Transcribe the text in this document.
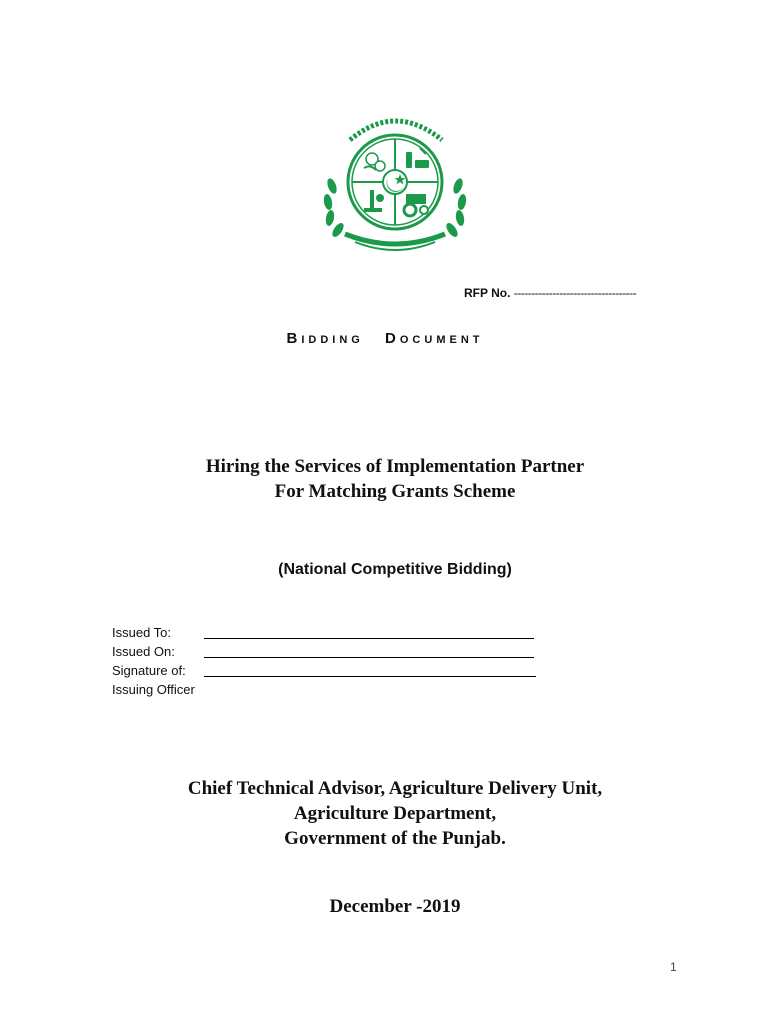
RFP No. -----------------------------------
BIDDING DOCUMENT
Hiring the Services of Implementation Partner
For Matching Grants Scheme
(National Competitive Bidding)
Issued To:
Issued On:
Signature of:
Issuing Officer
Chief Technical Advisor, Agriculture Delivery Unit,
Agriculture Department,
Government of the Punjab.
December -2019
1
